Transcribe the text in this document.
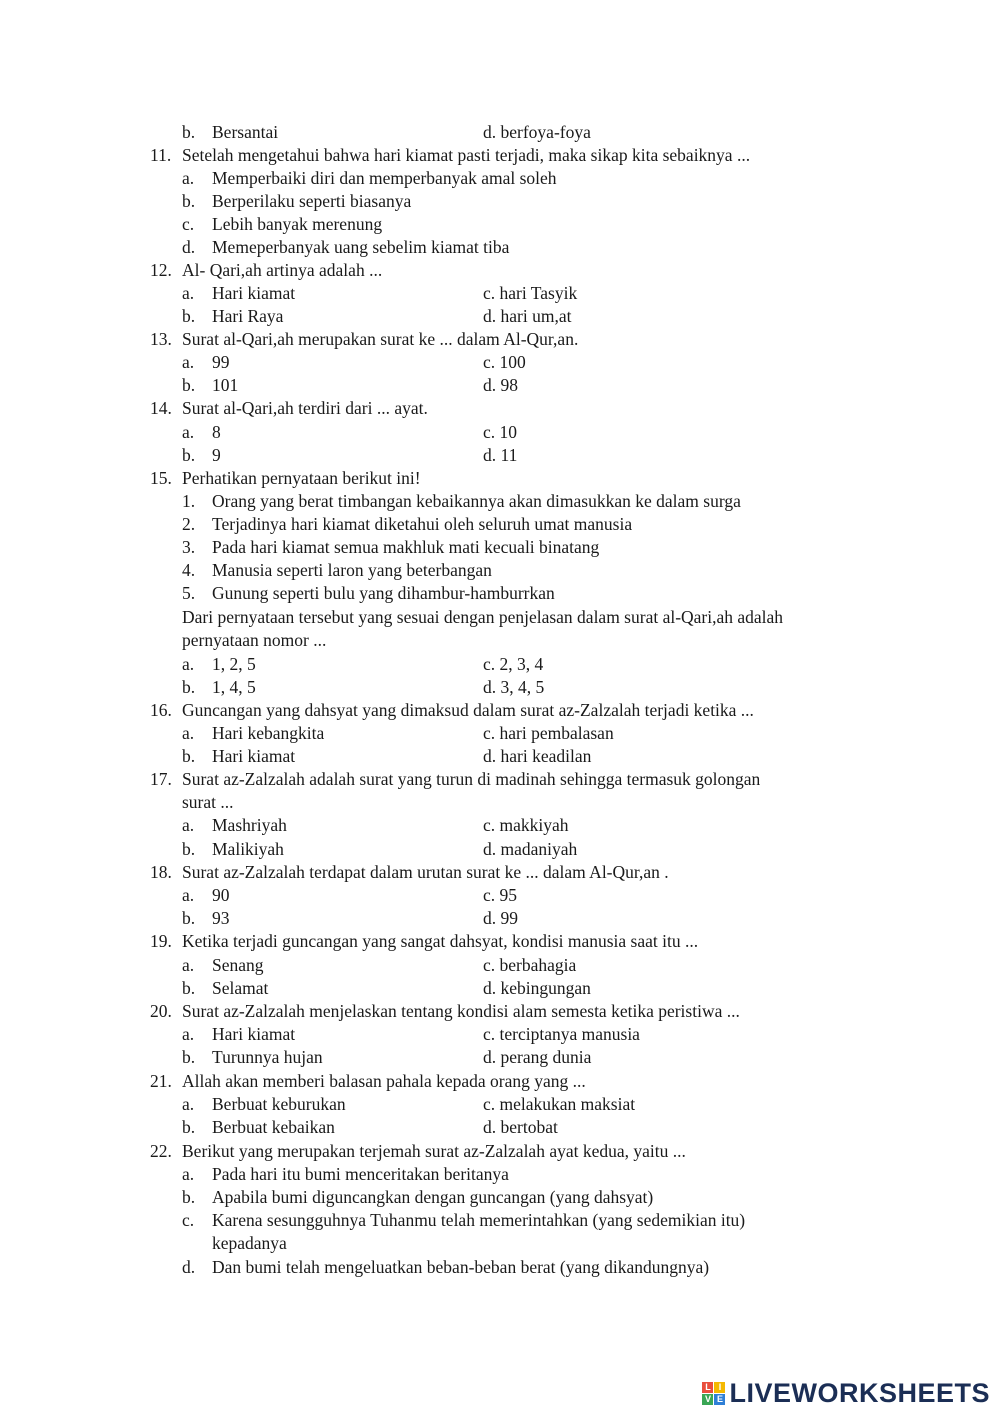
b. Bersantai	d. berfoya-foya
11. Setelah mengetahui bahwa hari kiamat pasti terjadi, maka sikap kita sebaiknya ...
a. Memperbaiki diri dan memperbanyak amal soleh
b. Berperilaku seperti biasanya
c. Lebih banyak merenung
d. Memeperbanyak uang sebelim kiamat tiba
12. Al- Qari,ah artinya adalah ...
a. Hari kiamat	c. hari Tasyik
b. Hari Raya	d. hari um,at
13. Surat al-Qari,ah merupakan surat ke ... dalam Al-Qur,an.
a. 99	c. 100
b. 101	d. 98
14. Surat al-Qari,ah terdiri dari ... ayat.
a. 8	c. 10
b. 9	d. 11
15. Perhatikan pernyataan berikut ini!
1. Orang yang berat timbangan kebaikannya akan dimasukkan ke dalam surga
2. Terjadinya hari kiamat diketahui oleh seluruh umat manusia
3. Pada hari kiamat semua makhluk mati kecuali binatang
4. Manusia seperti laron yang beterbangan
5. Gunung seperti bulu yang dihambur-hamburrkan
Dari pernyataan tersebut yang sesuai dengan penjelasan dalam surat al-Qari,ah adalah
pernyataan nomor ...
a. 1, 2, 5	c. 2, 3, 4
b. 1, 4, 5	d. 3, 4, 5
16. Guncangan yang dahsyat yang dimaksud dalam surat az-Zalzalah terjadi ketika ...
a. Hari kebangkita	c. hari pembalasan
b. Hari kiamat	d. hari keadilan
17. Surat az-Zalzalah adalah surat yang turun di madinah sehingga termasuk golongan
surat ...
a. Mashriyah	c. makkiyah
b. Malikiyah	d. madaniyah
18. Surat az-Zalzalah terdapat dalam urutan surat ke ... dalam Al-Qur,an .
a. 90	c. 95
b. 93	d. 99
19. Ketika terjadi guncangan yang sangat dahsyat, kondisi manusia saat itu ...
a. Senang	c. berbahagia
b. Selamat	d. kebingungan
20. Surat az-Zalzalah menjelaskan tentang kondisi alam semesta ketika peristiwa ...
a. Hari kiamat	c. terciptanya manusia
b. Turunnya hujan	d. perang dunia
21. Allah akan memberi balasan pahala kepada orang yang ...
a. Berbuat keburukan	c. melakukan maksiat
b. Berbuat kebaikan	d. bertobat
22. Berikut yang merupakan terjemah surat az-Zalzalah ayat kedua, yaitu ...
a. Pada hari itu bumi menceritakan beritanya
b. Apabila bumi diguncangkan dengan guncangan (yang dahsyat)
c. Karena sesungguhnya Tuhanmu telah memerintahkan (yang sedemikian itu)
kepadanya
d. Dan bumi telah mengeluatkan beban-beban berat (yang dikandungnya)
L I
V E LIVEWORKSHEETS
